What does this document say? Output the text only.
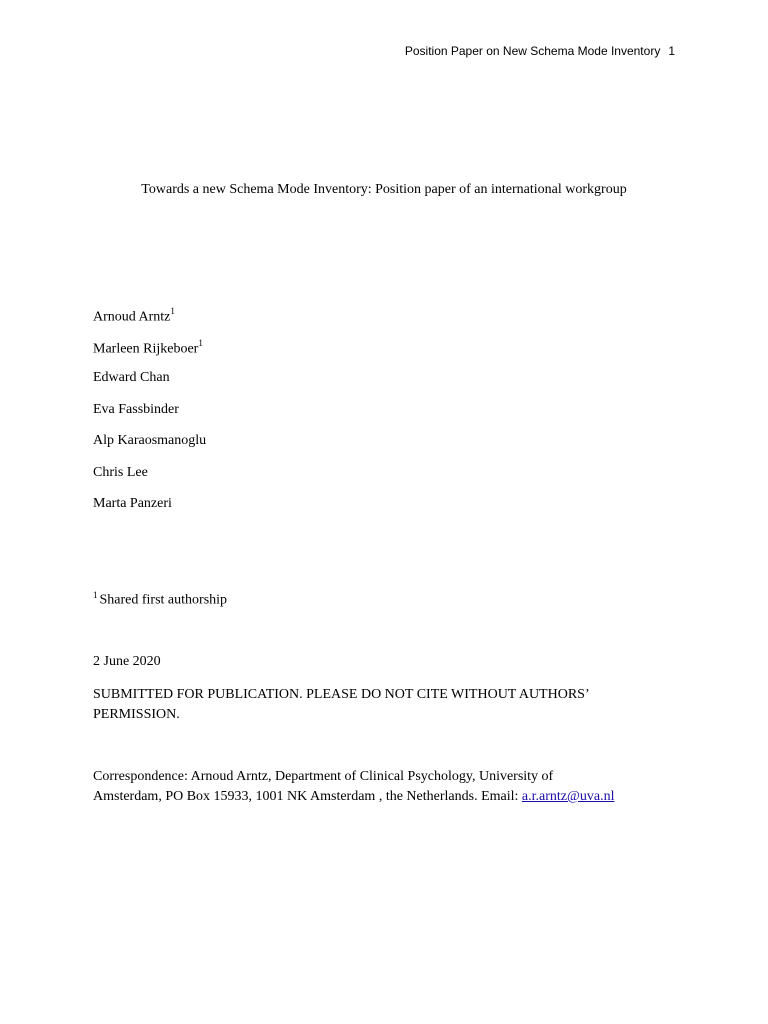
Position Paper on New Schema Mode Inventory 1
Towards a new Schema Mode Inventory: Position paper of an international workgroup
Arnoud Arntz$^1$
Marleen Rijkeboer$^1$
Edward Chan
Eva Fassbinder
Alp Karaosmanoglu
Chris Lee
Marta Panzeri
$^1$ Shared first authorship
2 June 2020
SUBMITTED FOR PUBLICATION. PLEASE DO NOT CITE WITHOUT AUTHORS’
PERMISSION.
Correspondence: Arnoud Arntz, Department of Clinical Psychology, University of
Amsterdam, PO Box 15933, 1001 NK Amsterdam , the Netherlands. Email: a.r.arntz@uva.nl
